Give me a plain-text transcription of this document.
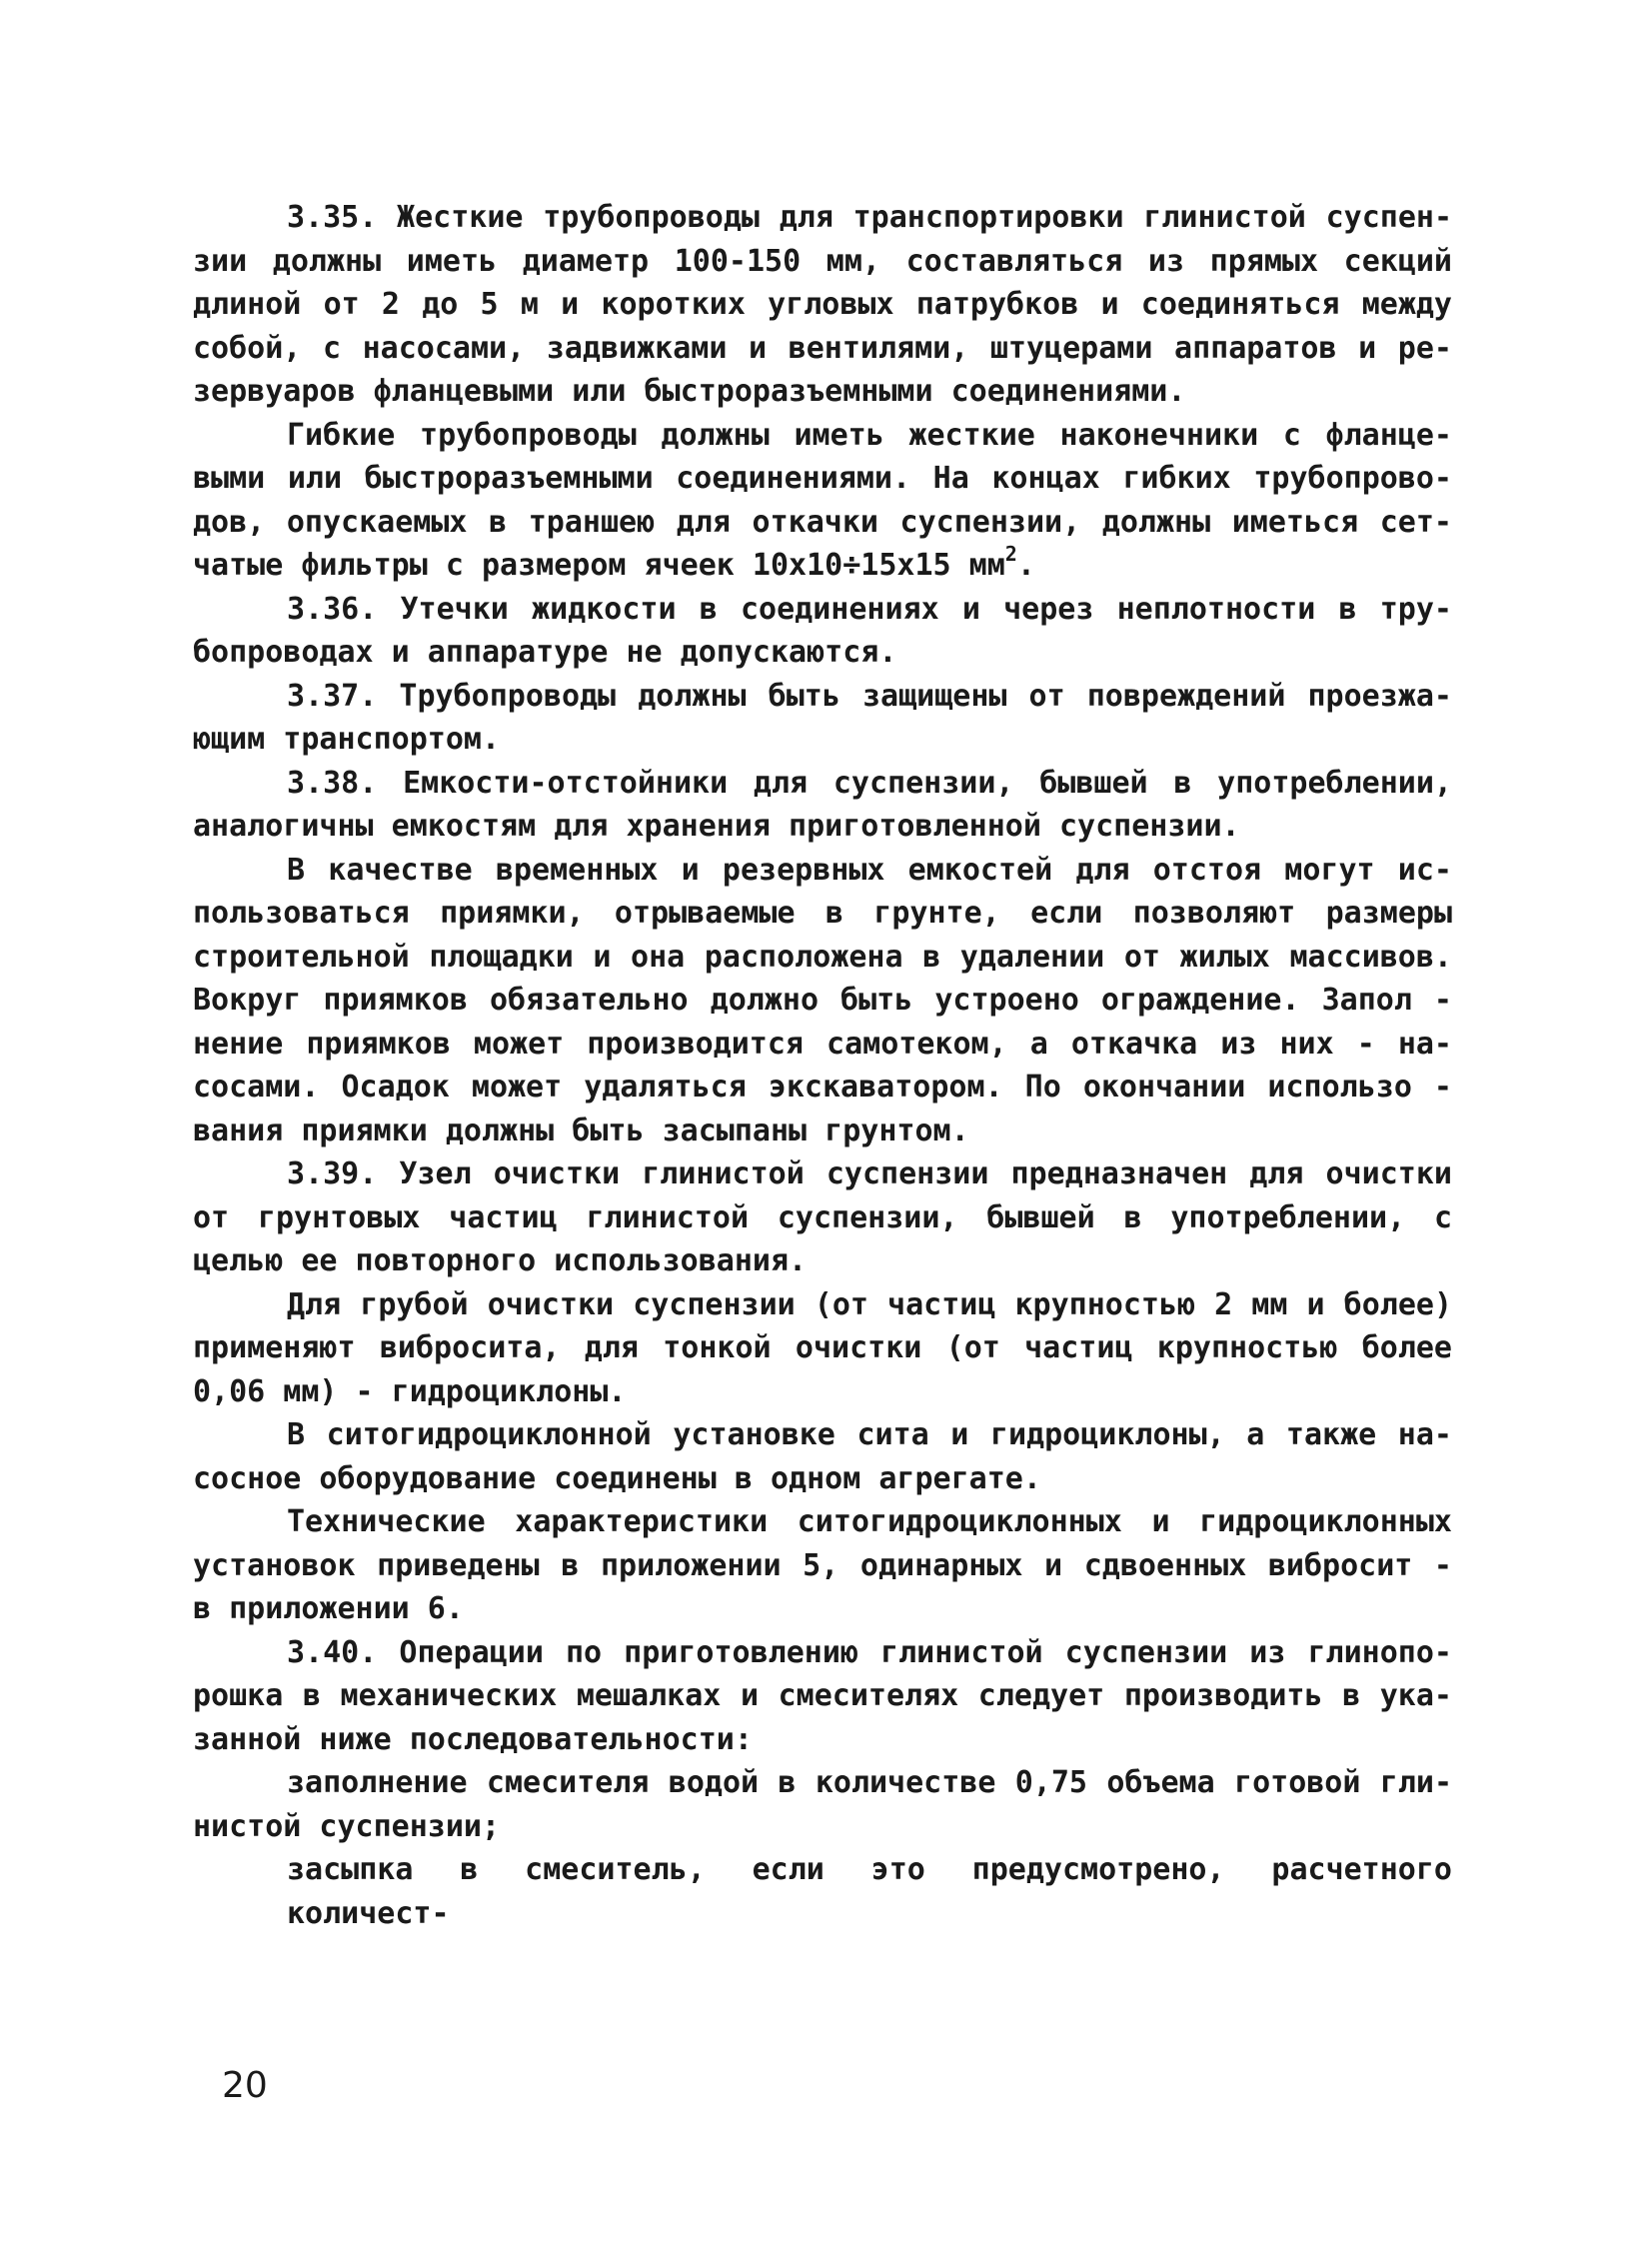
3.35. Жесткие трубопроводы для транспортировки глинистой суспен-
зии должны иметь диаметр 100-150 мм, составляться из прямых секций
длиной от 2 до 5 м и коротких угловых патрубков и соединяться между
собой, с насосами, задвижками и вентилями, штуцерами аппаратов и ре-
зервуаров фланцевыми или быстроразъемными соединениями.
Гибкие трубопроводы должны иметь жесткие наконечники с фланце-
выми или быстроразъемными соединениями. На концах гибких трубопрово-
дов, опускаемых в траншею для откачки суспензии, должны иметься сет-
чатые фильтры с размером ячеек 10х10÷15х15 $мм^2$.
3.36. Утечки жидкости в соединениях и через неплотности в тру-
бопроводах и аппаратуре не допускаются.
3.37. Трубопроводы должны быть защищены от повреждений проезжа-
ющим транспортом.
3.38. Емкости-отстойники для суспензии, бывшей в употреблении,
аналогичны емкостям для хранения приготовленной суспензии.
В качестве временных и резервных емкостей для отстоя могут ис-
пользоваться приямки, отрываемые в грунте, если позволяют размеры
строительной площадки и она расположена в удалении от жилых массивов.
Вокруг приямков обязательно должно быть устроено ограждение. Запол -
нение приямков может производится самотеком, а откачка из них - на-
сосами. Осадок может удаляться экскаватором. По окончании использо -
вания приямки должны быть засыпаны грунтом.
3.39. Узел очистки глинистой суспензии предназначен для очистки
от грунтовых частиц глинистой суспензии, бывшей в употреблении, с
целью ее повторного использования.
Для грубой очистки суспензии (от частиц крупностью 2 мм и более)
применяют вибросита, для тонкой очистки (от частиц крупностью более
0,06 мм) - гидроциклоны.
В ситогидроциклонной установке сита и гидроциклоны, а также на-
сосное оборудование соединены в одном агрегате.
Технические характеристики ситогидроциклонных и гидроциклонных
установок приведены в приложении 5, одинарных и сдвоенных вибросит -
в приложении 6.
3.40. Операции по приготовлению глинистой суспензии из глинопо-
рошка в механических мешалках и смесителях следует производить в ука-
занной ниже последовательности:
заполнение смесителя водой в количестве 0,75 объема готовой гли-
нистой суспензии;
засыпка в смеситель, если это предусмотрено, расчетного количест-
20
